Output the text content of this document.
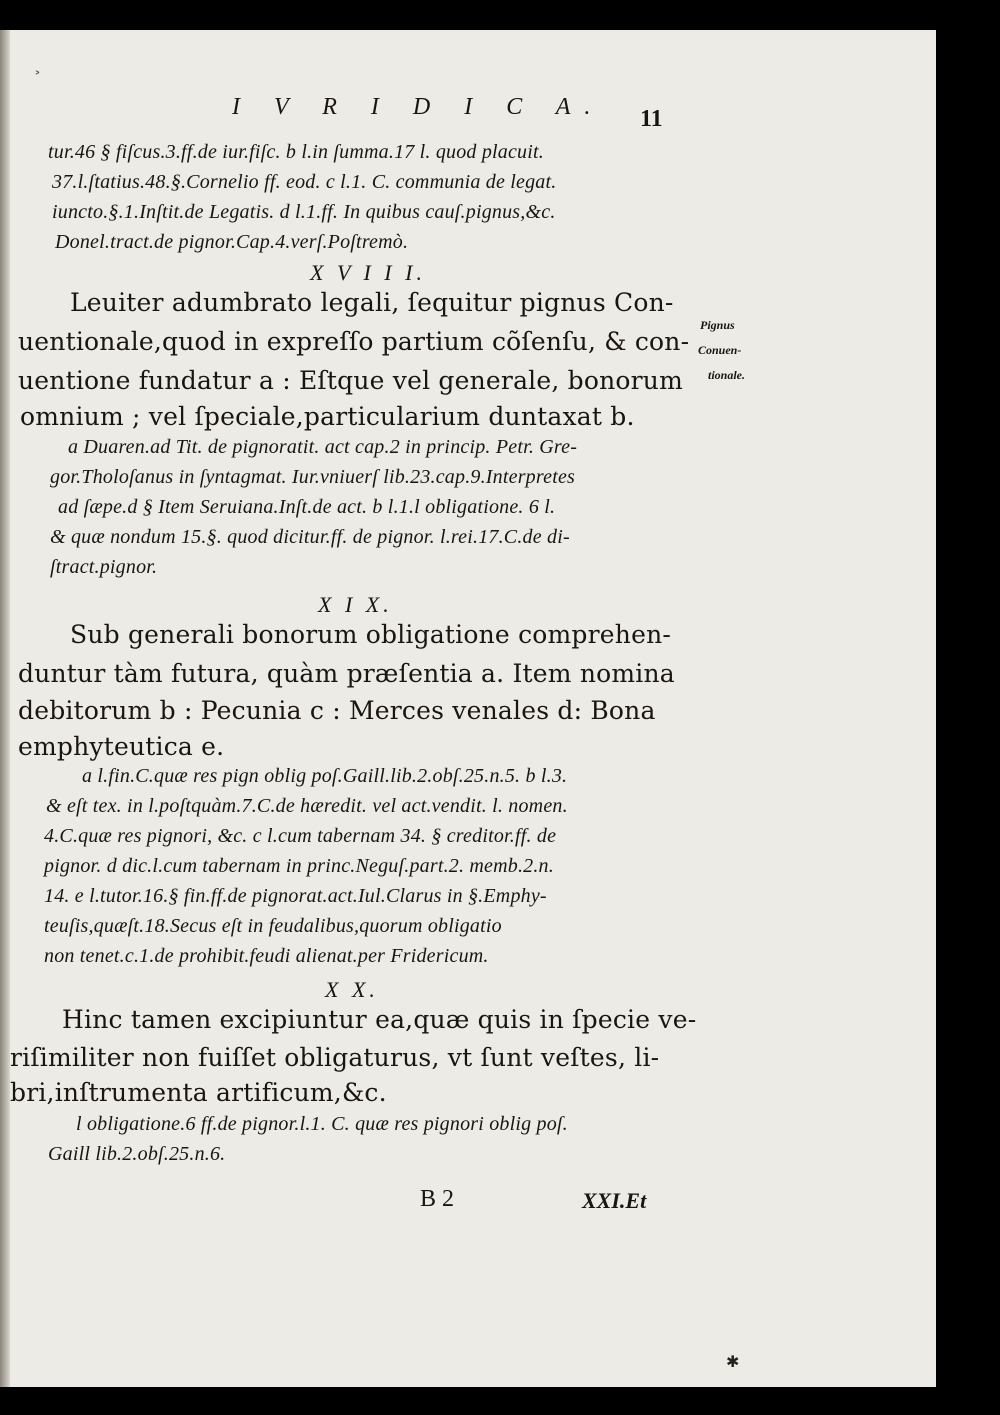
I V R I D I C A. 11
tur.46 § fiſcus.3.ff.de iur.fiſc. b l.in ſumma.17 l. quod placuit.
37.l.ſtatius.48.§.Cornelio ff. eod. c l.1. C. communia de legat.
iuncto.§.1.Inſtit.de Legatis. d l.1.ff. In quibus cauſ.pignus,&c.
Donel.tract.de pignor.Cap.4.verſ.Poſtremò.
X V I I I.
Leuiter adumbrato legali, ſequitur pignus Con-
uentionale,quod in expreſſo partium cõſenſu, & con-
uentione fundatur a : Eſtque vel generale, bonorum
omnium ; vel ſpeciale,particularium duntaxat b.
Pignus
Conuen-
tionale.
a Duaren.ad Tit. de pignoratit. act cap.2 in princip. Petr. Gre-
gor.Tholoſanus in ſyntagmat. Iur.vniuerſ lib.23.cap.9.Interpretes
ad ſæpe.d § Item Seruiana.Inſt.de act. b l.1.l obligatione. 6 l.
& quæ nondum 15.§. quod dicitur.ff. de pignor. l.rei.17.C.de di-
ſtract.pignor.
X I X.
Sub generali bonorum obligatione comprehen-
duntur tàm futura, quàm præſentia a. Item nomina
debitorum b : Pecunia c : Merces venales d: Bona
emphyteutica e.
a l.fin.C.quæ res pign oblig poſ.Gaill.lib.2.obſ.25.n.5. b l.3.
& eſt tex. in l.poſtquàm.7.C.de hæredit. vel act.vendit. l. nomen.
4.C.quæ res pignori, &c. c l.cum tabernam 34. § creditor.ff. de
pignor. d dic.l.cum tabernam in princ.Neguſ.part.2. memb.2.n.
14. e l.tutor.16.§ fin.ff.de pignorat.act.Iul.Clarus in §.Emphy-
teuſis,quæſt.18.Secus eſt in feudalibus,quorum obligatio
non tenet.c.1.de prohibit.feudi alienat.per Fridericum.
X X.
Hinc tamen excipiuntur ea,quæ quis in ſpecie ve-
riſimiliter non fuiſſet obligaturus, vt ſunt veſtes, li-
bri,inſtrumenta artificum,&c.
l obligatione.6 ff.de pignor.l.1. C. quæ res pignori oblig poſ.
Gaill lib.2.obſ.25.n.6.
B 2	XXI.Et
˃
✱
